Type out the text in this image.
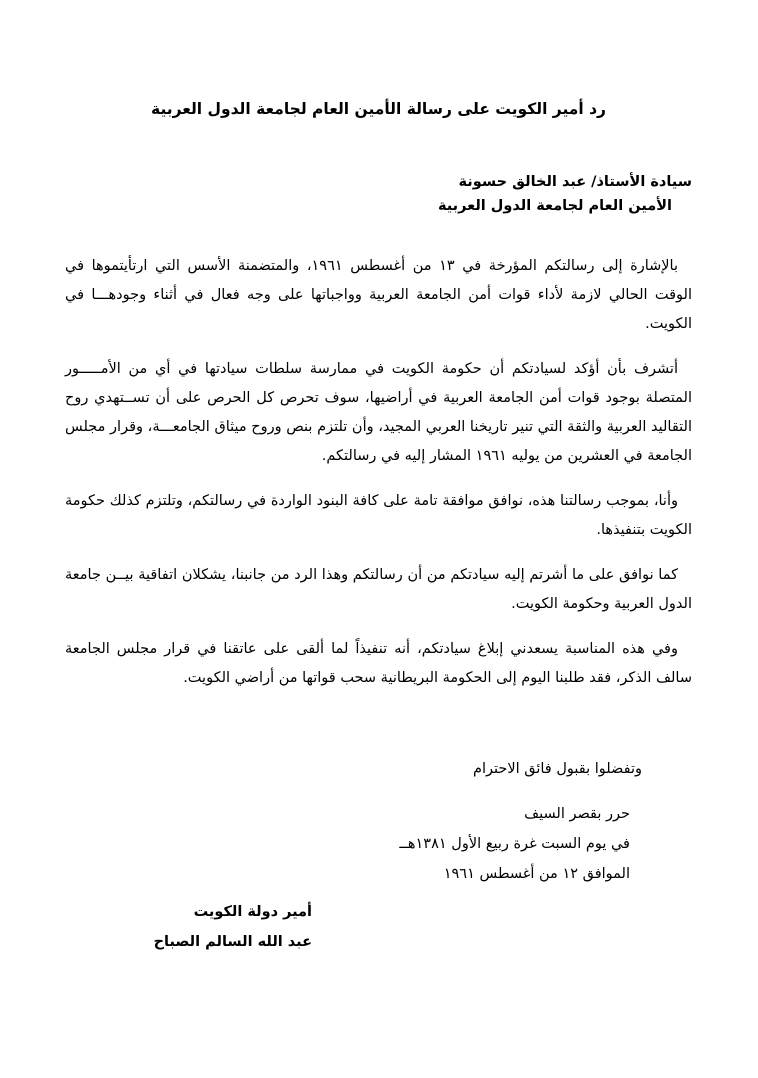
رد أمير الكويت على رسالة الأمين العام لجامعة الدول العربية

سيادة الأستاذ/ عبد الخالق حسونة

الأمين العام لجامعة الدول العربية

بالإشارة إلى رسالتكم المؤرخة في ١٣ من أغسطس ١٩٦١، والمتضمنة الأسس التي ارتأيتموها في الوقت الحالي لازمة لأداء قوات أمن الجامعة العربية وواجباتها على وجه فعال في أثناء وجودهـــا في الكويت.

أتشرف بأن أؤكد لسيادتكم أن حكومة الكويت في ممارسة سلطات سيادتها في أي من الأمـــــور المتصلة بوجود قوات أمن الجامعة العربية في أراضيها، سوف تحرص كل الحرص على أن تســتهدي روح التقاليد العربية والثقة التي تنير تاريخنا العربي المجيد، وأن تلتزم بنص وروح ميثاق الجامعـــة، وقرار مجلس الجامعة في العشرين من يوليه ١٩٦١ المشار إليه في رسالتكم.

وأنا، بموجب رسالتنا هذه، نوافق موافقة تامة على كافة البنود الواردة في رسالتكم، وتلتزم كذلك حكومة الكويت بتنفيذها.

كما نوافق على ما أشرتم إليه سيادتكم من أن رسالتكم وهذا الرد من جانبنا، يشكلان اتفاقية بيــن جامعة الدول العربية وحكومة الكويت.

وفي هذه المناسبة يسعدني إبلاغ سيادتكم، أنه تنفيذاً لما ألقى على عاتقنا في قرار مجلس الجامعة سالف الذكر، فقد طلبنا اليوم إلى الحكومة البريطانية سحب قواتها من أراضي الكويت.

وتفضلوا بقبول فائق الاحترام

حرر بقصر السيف

في يوم السبت غرة ربيع الأول ١٣٨١هــ

الموافق ١٢ من أغسطس ١٩٦١

أمير دولة الكويت

عبد الله السالم الصباح
